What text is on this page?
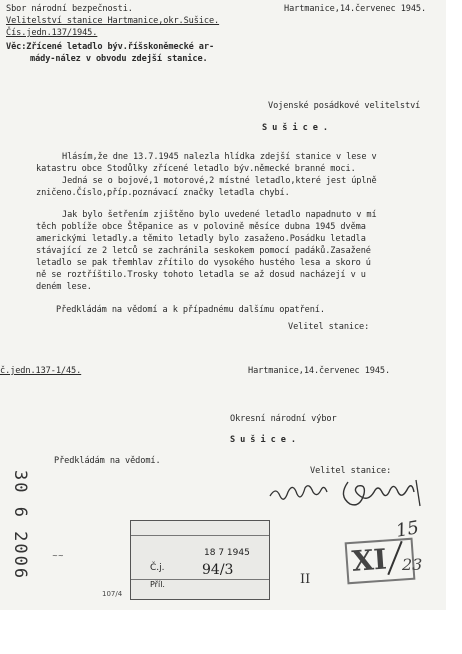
Sbor národní bezpečnosti.
Velitelství stanice Hartmanice,okr.Sušice.
Čís.jedn.137/1945.
Hartmanice,14.červenec 1945.
Věc:Zřícené letadlo býv.říšskoněmecké ar-
mády-nález v obvodu zdejší stanice.
Vojenské posádkové velitelství
S u š i c e .
Hlásím,že dne 13.7.1945 nalezla hlídka zdejší stanice v lese v
katastru obce Stodůlky zřícené letadlo býv.německé branné moci.
Jedná se o bojové,1 motorové,2 místné letadlo,které jest úplně
zničeno.Číslo,příp.poznávací značky letadla chybí.
Jak bylo šetřením zjištěno bylo uvedené letadlo napadnuto v mí
těch poblíže obce Štěpanice as v polovině měsíce dubna 1945 dvěma
americkými letadly.a těmito letadly bylo zasaženo.Posádku letadla
stávající ze 2 letců se zachránila seskokem pomocí padáků.Zasažené
letadlo se pak třemhlav zřítilo do vysokého hustého lesa a skoro ú
ně se roztříštilo.Trosky tohoto letadla se až dosud nacházejí v u
deném lese.
Předkládám na vědomí a k případnému dalšímu opatření.
Velitel stanice:
č.jedn.137-1/45.	Hartmanice,14.červenec 1945.
Okresní národní výbor
S u š i c e .
Předkládám na vědomí.
Velitel stanice:
30 6 2006	~~
107/4
18 7 1945
Č.j.	94/3
Příl.	II
XI
15
23
